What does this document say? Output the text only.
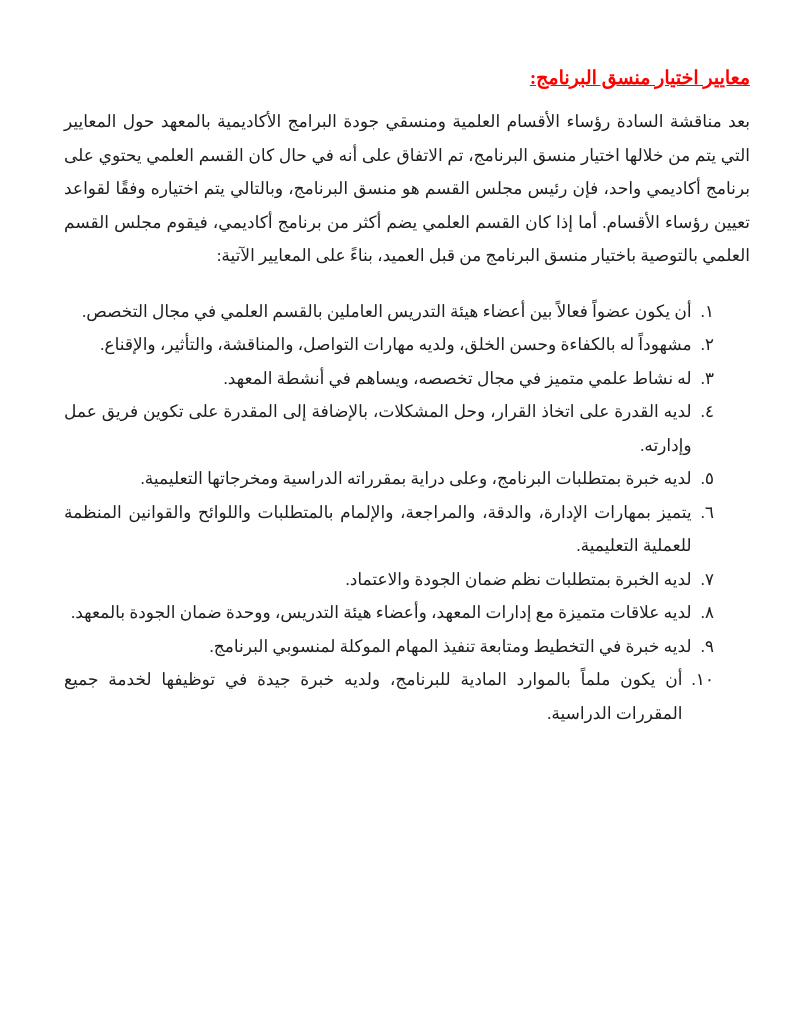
معايير اختيار منسق البرنامج:

بعد مناقشة السادة رؤساء الأقسام العلمية ومنسقي جودة البرامج الأكاديمية بالمعهد حول المعايير التي يتم من خلالها اختيار منسق البرنامج، تم الاتفاق على أنه في حال كان القسم العلمي يحتوي على برنامج أكاديمي واحد، فإن رئيس مجلس القسم هو منسق البرنامج، وبالتالي يتم اختياره وفقًا لقواعد تعيين رؤساء الأقسام. أما إذا كان القسم العلمي يضم أكثر من برنامج أكاديمي، فيقوم مجلس القسم العلمي بالتوصية باختيار منسق البرنامج من قبل العميد، بناءً على المعايير الآتية:

١.
أن يكون عضواً فعالاً بين أعضاء هيئة التدريس العاملين بالقسم العلمي في مجال التخصص.
٢.
مشهوداً له بالكفاءة وحسن الخلق، ولديه مهارات التواصل، والمناقشة، والتأثير، والإقناع.
٣.
له نشاط علمي متميز في مجال تخصصه، ويساهم في أنشطة المعهد.
٤.
لديه القدرة على اتخاذ القرار، وحل المشكلات، بالإضافة إلى المقدرة على تكوين فريق عمل وإدارته.
٥.
لديه خبرة بمتطلبات البرنامج، وعلى دراية بمقرراته الدراسية ومخرجاتها التعليمية.
٦.
يتميز بمهارات الإدارة، والدقة، والمراجعة، والإلمام بالمتطلبات واللوائح والقوانين المنظمة للعملية التعليمية.
٧.
لديه الخبرة بمتطلبات نظم ضمان الجودة والاعتماد.
٨.
لديه علاقات متميزة مع إدارات المعهد، وأعضاء هيئة التدريس، ووحدة ضمان الجودة بالمعهد.
٩.
لديه خبرة في التخطيط ومتابعة تنفيذ المهام الموكلة لمنسوبي البرنامج.
١٠.
أن يكون ملماً بالموارد المادية للبرنامج، ولديه خبرة جيدة في توظيفها لخدمة جميع المقررات الدراسية.
